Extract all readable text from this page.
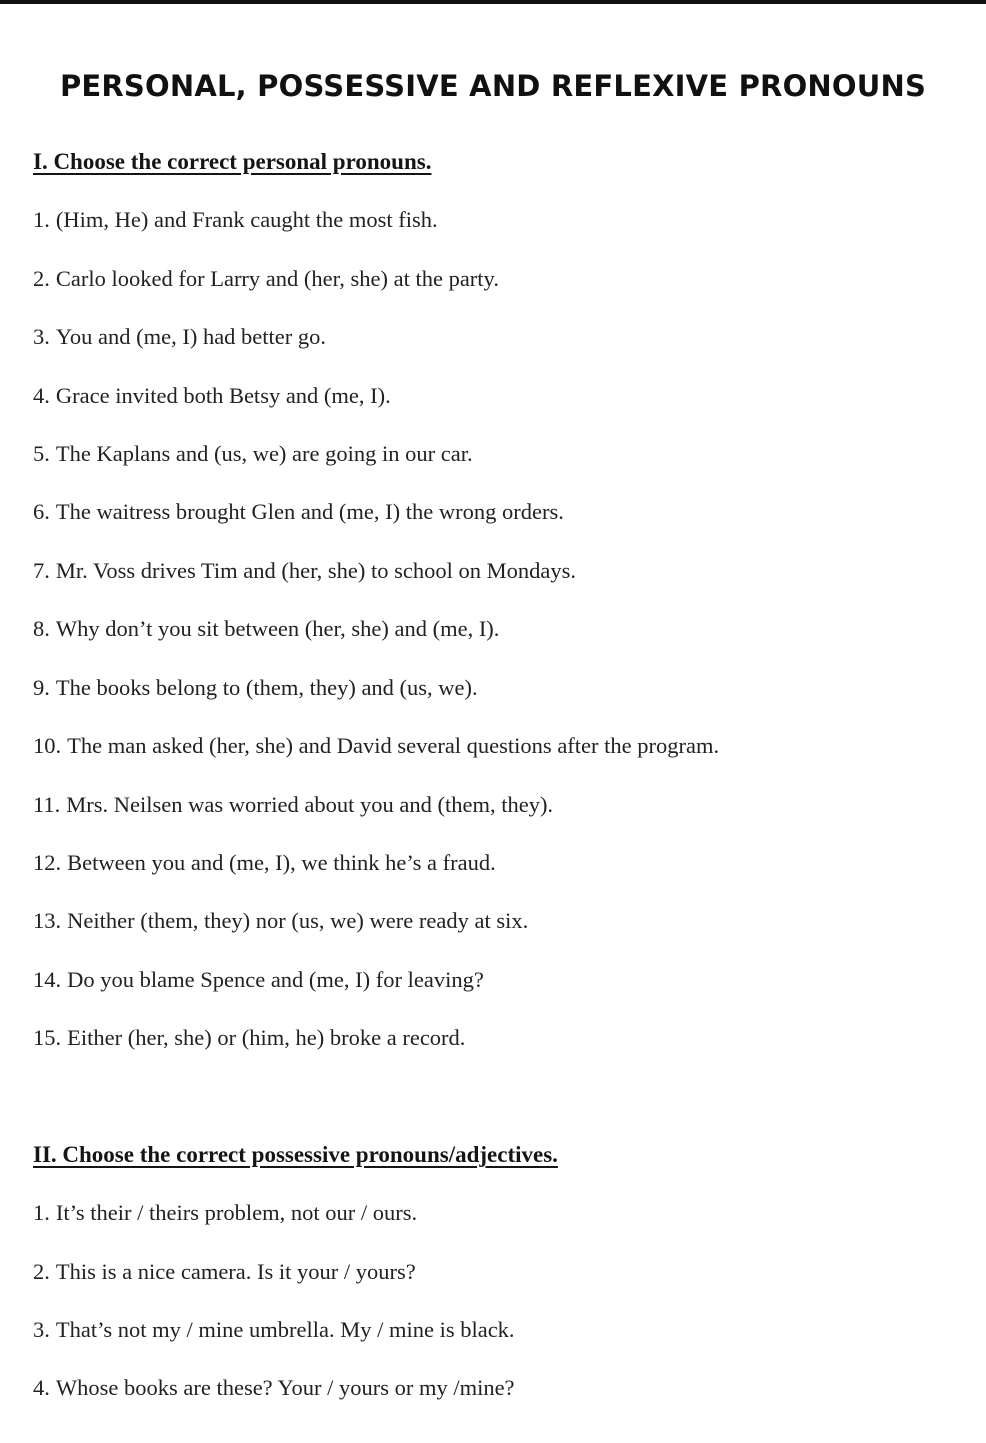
PERSONAL, POSSESSIVE AND REFLEXIVE PRONOUNS
I. Choose the correct personal pronouns.
1. (Him, He) and Frank caught the most fish.
2. Carlo looked for Larry and (her, she) at the party.
3. You and (me, I) had better go.
4. Grace invited both Betsy and (me, I).
5. The Kaplans and (us, we) are going in our car.
6. The waitress brought Glen and (me, I) the wrong orders.
7. Mr. Voss drives Tim and (her, she) to school on Mondays.
8. Why don’t you sit between (her, she) and (me, I).
9. The books belong to (them, they) and (us, we).
10. The man asked (her, she) and David several questions after the program.
11. Mrs. Neilsen was worried about you and (them, they).
12. Between you and (me, I), we think he’s a fraud.
13. Neither (them, they) nor (us, we) were ready at six.
14. Do you blame Spence and (me, I) for leaving?
15. Either (her, she) or (him, he) broke a record.
II. Choose the correct possessive pronouns/adjectives.
1. It’s their / theirs problem, not our / ours.
2. This is a nice camera. Is it your / yours?
3. That’s not my / mine umbrella. My / mine is black.
4. Whose books are these? Your / yours or my /mine?
